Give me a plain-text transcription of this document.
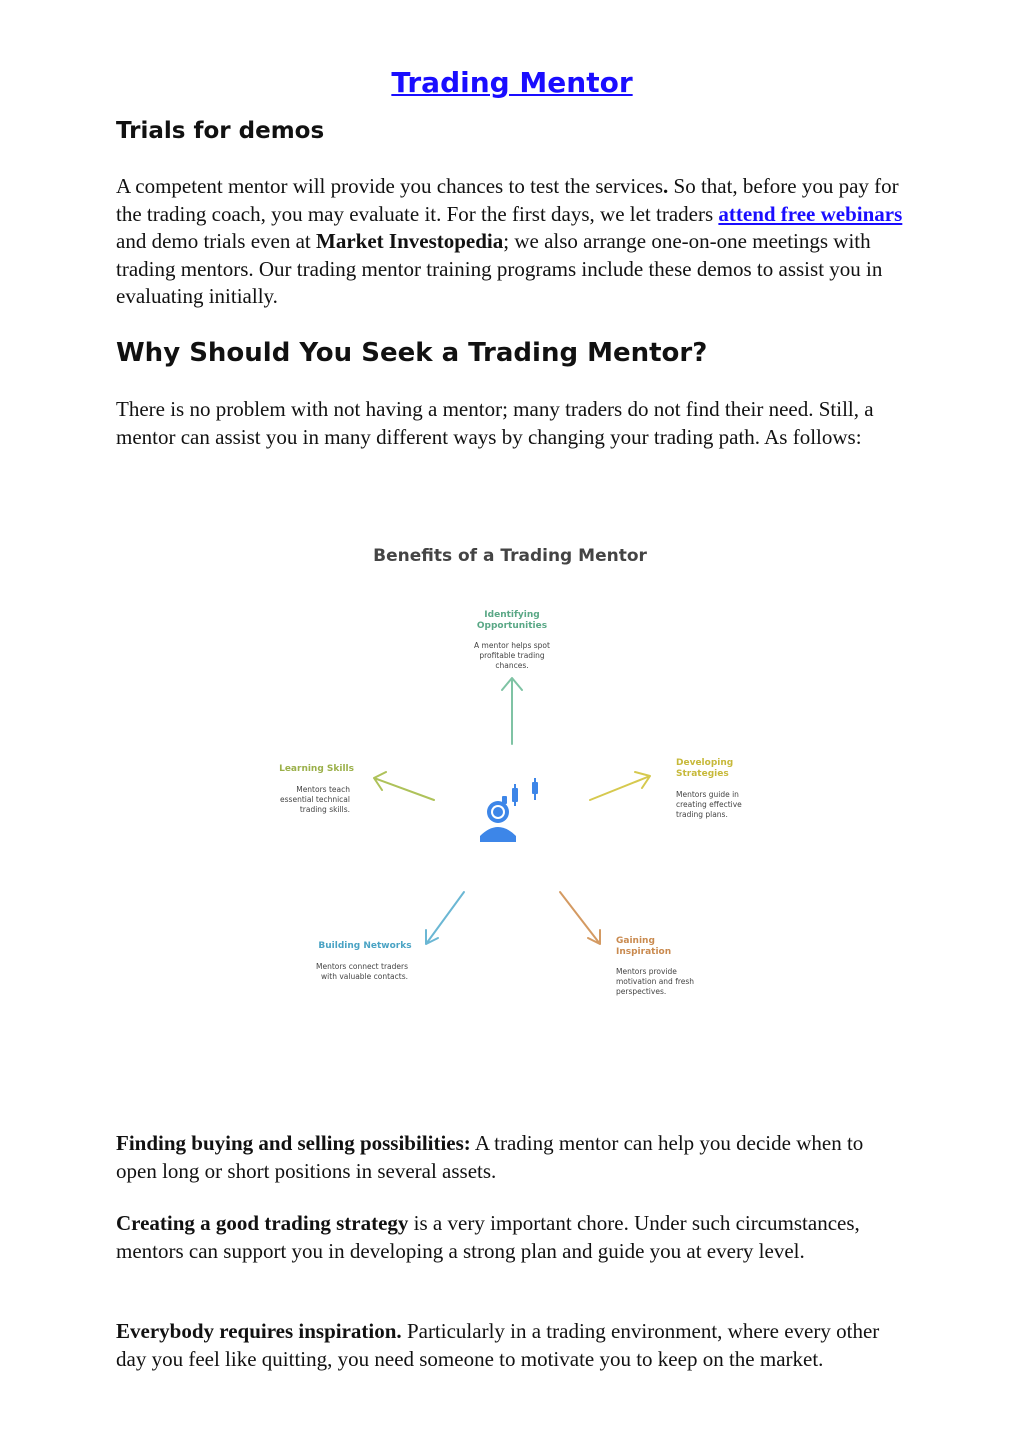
Trading Mentor
Trials for demos

A competent mentor will provide you chances to test the services. So that, before you pay for the trading coach, you may evaluate it. For the first days, we let traders attend free webinars and demo trials even at Market Investopedia; we also arrange one-on-one meetings with trading mentors. Our trading mentor training programs include these demos to assist you in evaluating initially.

Why Should You Seek a Trading Mentor?

There is no problem with not having a mentor; many traders do not find their need. Still, a mentor can assist you in many different ways by changing your trading path. As follows:

Benefits of a Trading Mentor
Identifying Opportunities
A mentor helps spot profitable trading chances.
Developing Strategies
Mentors guide in creating effective trading plans.
Gaining Inspiration
Mentors provide motivation and fresh perspectives.
Building Networks
Mentors connect traders with valuable contacts.
Learning Skills
Mentors teach essential technical trading skills.

Finding buying and selling possibilities: A trading mentor can help you decide when to open long or short positions in several assets.

Creating a good trading strategy is a very important chore. Under such circumstances, mentors can support you in developing a strong plan and guide you at every level.

Everybody requires inspiration. Particularly in a trading environment, where every other day you feel like quitting, you need someone to motivate you to keep on the market.
